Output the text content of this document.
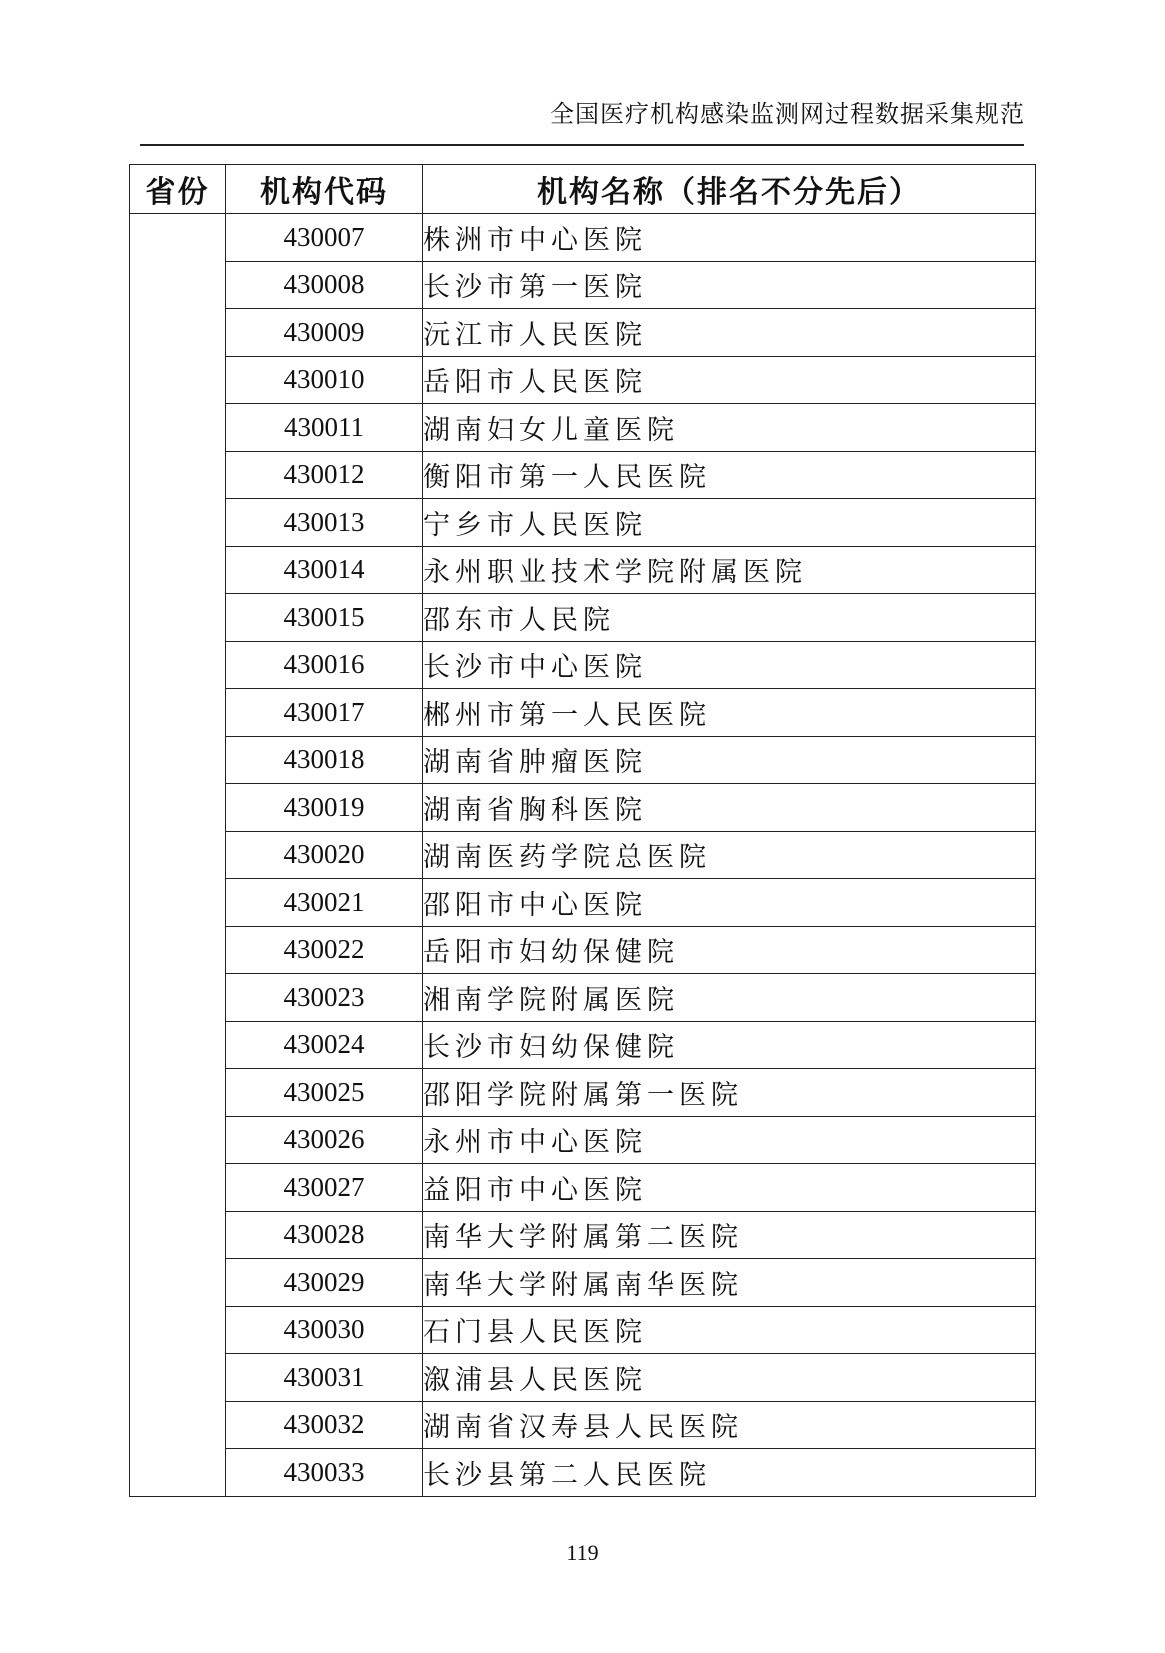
全国医疗机构感染监测网过程数据采集规范
省份	机构代码	机构名称（排名不分先后）
	430007	株洲市中心医院
	430008	长沙市第一医院
	430009	沅江市人民医院
	430010	岳阳市人民医院
	430011	湖南妇女儿童医院
	430012	衡阳市第一人民医院
	430013	宁乡市人民医院
	430014	永州职业技术学院附属医院
	430015	邵东市人民院
	430016	长沙市中心医院
	430017	郴州市第一人民医院
	430018	湖南省肿瘤医院
	430019	湖南省胸科医院
	430020	湖南医药学院总医院
	430021	邵阳市中心医院
	430022	岳阳市妇幼保健院
	430023	湘南学院附属医院
	430024	长沙市妇幼保健院
	430025	邵阳学院附属第一医院
	430026	永州市中心医院
	430027	益阳市中心医院
	430028	南华大学附属第二医院
	430029	南华大学附属南华医院
	430030	石门县人民医院
	430031	溆浦县人民医院
	430032	湖南省汉寿县人民医院
	430033	长沙县第二人民医院
119
